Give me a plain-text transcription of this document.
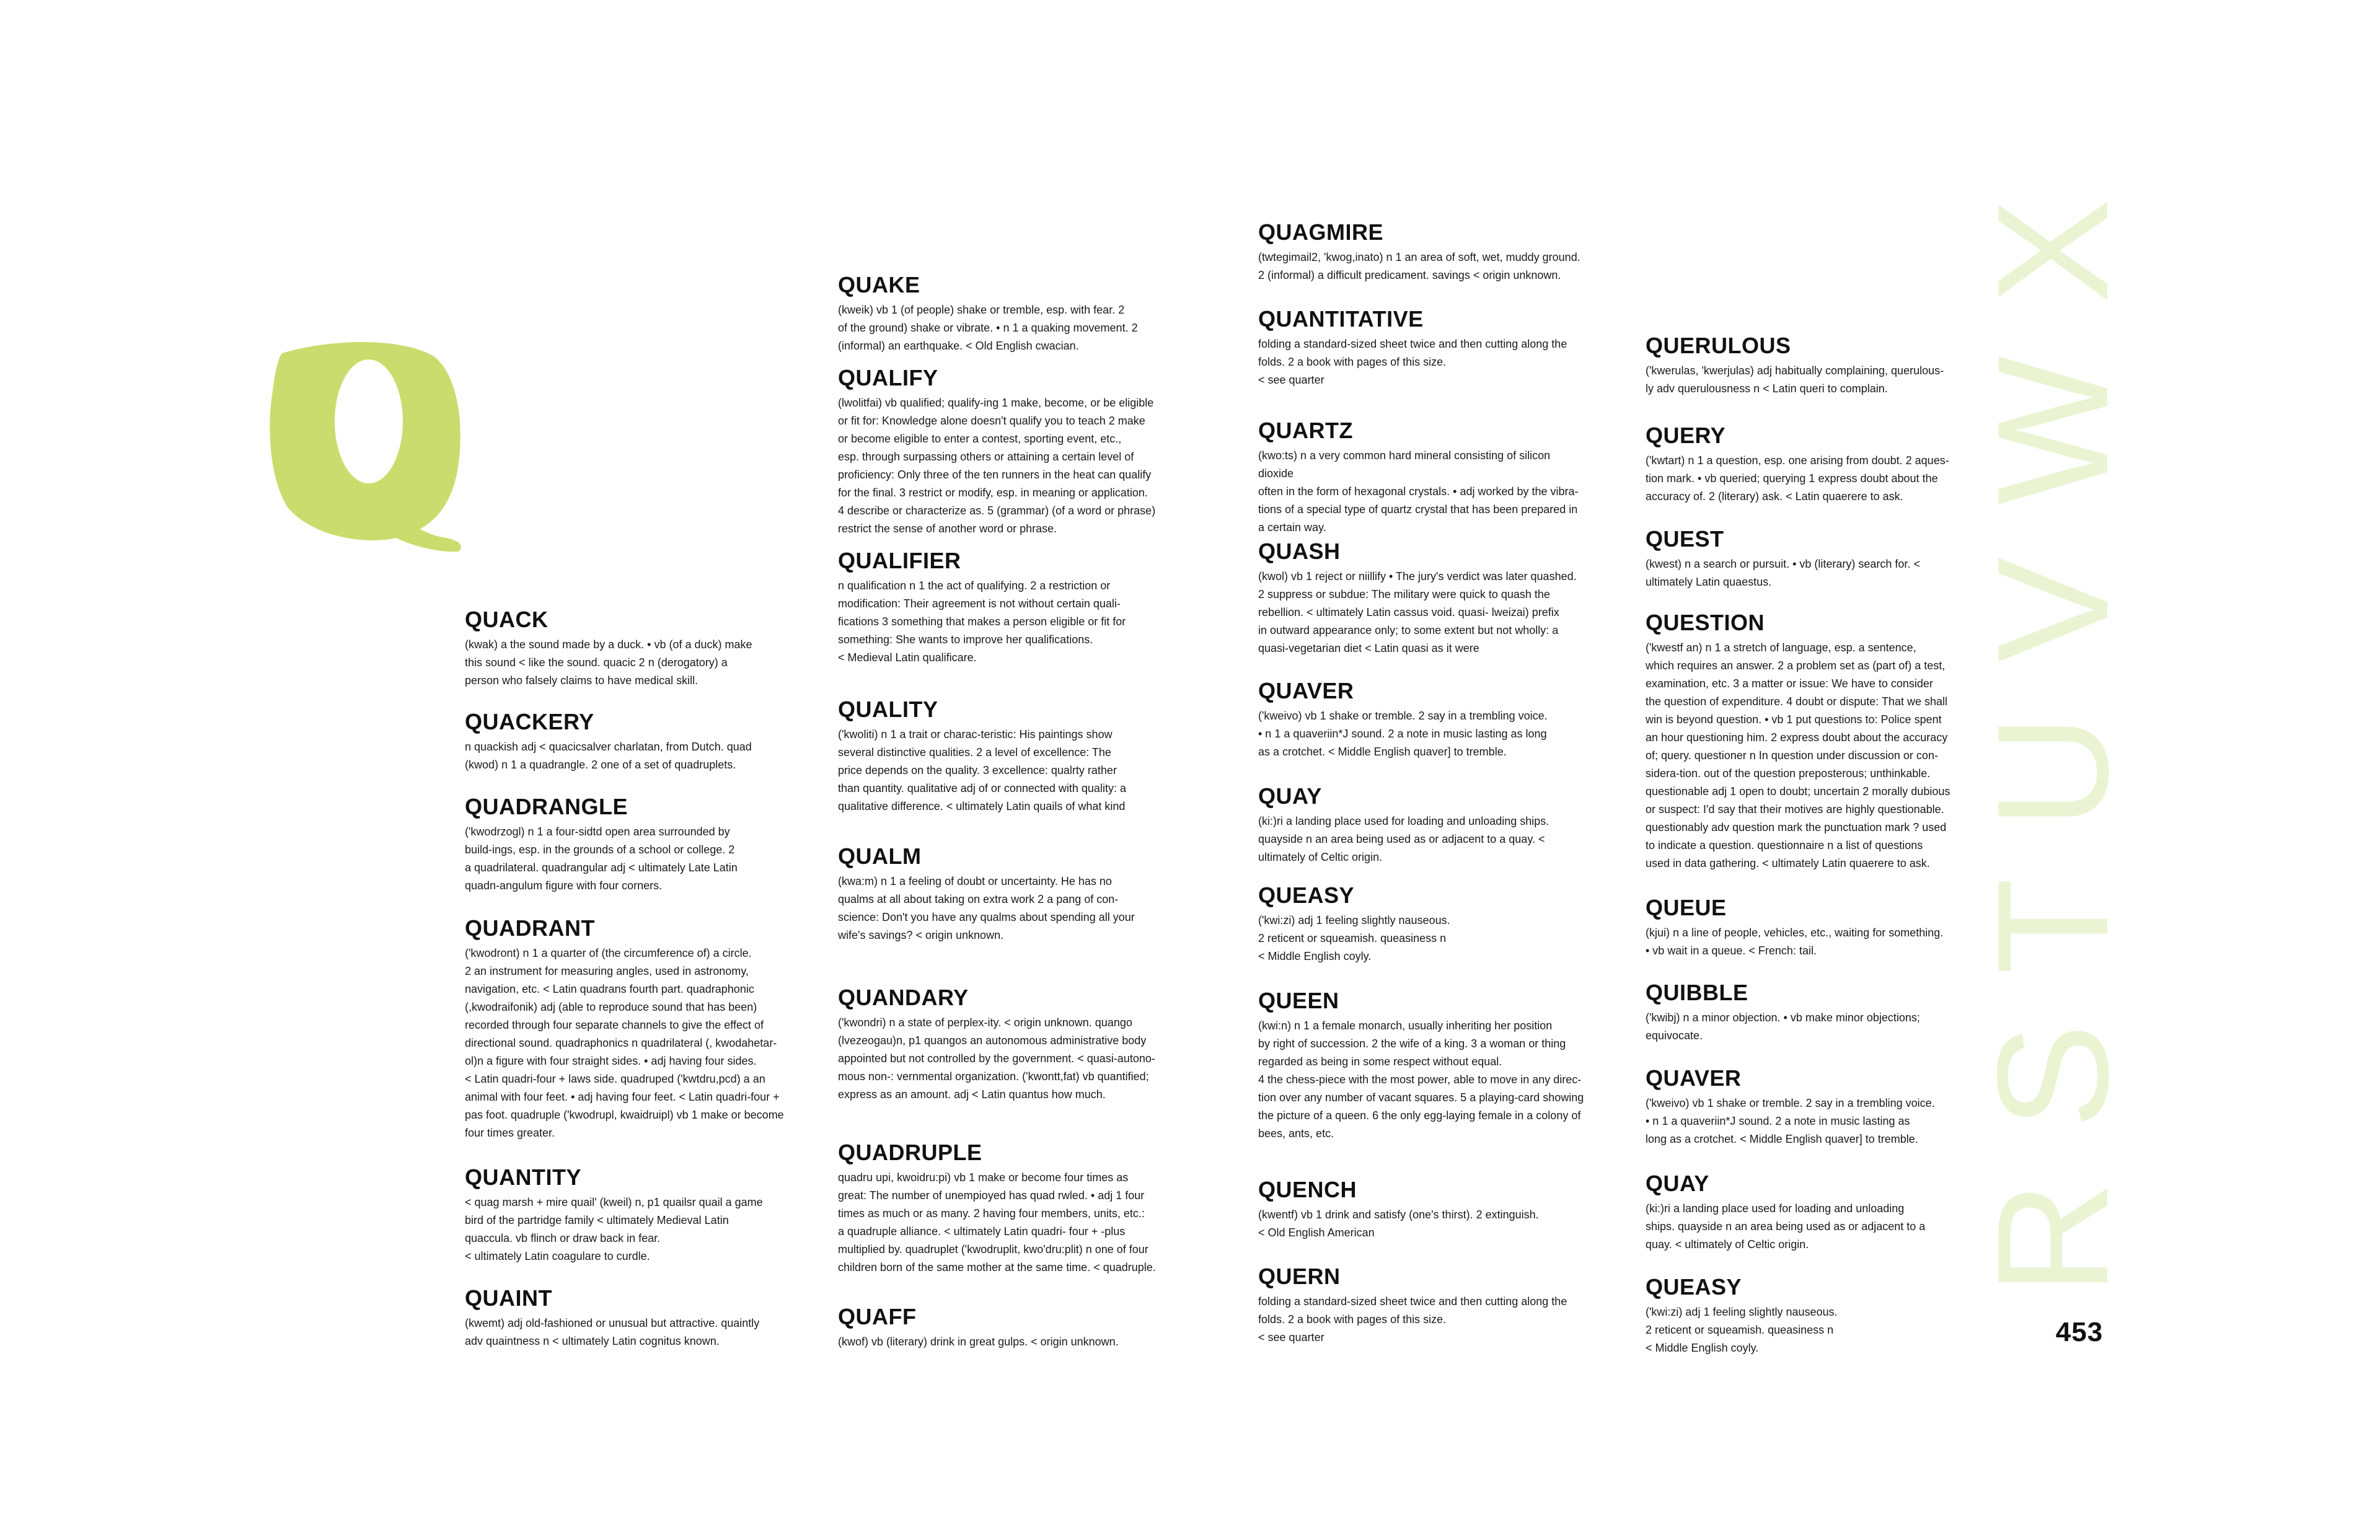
Q
R S T U V W X
453
QUACK
(kwak) a the sound made by a duck. • vb (of a duck) make
this sound < like the sound. quacic 2 n (derogatory) a
person who falsely claims to have medical skill.
QUACKERY
n quackish adj < quacicsalver charlatan, from Dutch. quad
(kwod) n 1 a quadrangle. 2 one of a set of quadruplets.
QUADRANGLE
('kwodrzogl) n 1 a four-sidtd open area surrounded by
build-ings, esp. in the grounds of a school or college. 2
a quadrilateral. quadrangular adj < ultimately Late Latin
quadn-angulum figure with four corners.
QUADRANT
('kwodront) n 1 a quarter of (the circumference of) a circle.
2 an instrument for measuring angles, used in astronomy,
navigation, etc. < Latin quadrans fourth part. quadraphonic
(,kwodraifonik) adj (able to reproduce sound that has been)
recorded through four separate channels to give the effect of
directional sound. quadraphonics n quadrilateral (, kwodahetar-
ol)n a figure with four straight sides. • adj having four sides.
< Latin quadri-four + laws side. quadruped ('kwtdru,pcd) a an
animal with four feet. • adj having four feet. < Latin quadri-four +
pas foot. quadruple ('kwodrupl, kwaidruipl) vb 1 make or become
four times greater.
QUANTITY
< quag marsh + mire quail' (kweil) n, p1 quailsr quail a game
bird of the partridge family < ultimately Medieval Latin
quaccula. vb flinch or draw back in fear.
< ultimately Latin coagulare to curdle.
QUAINT
(kwemt) adj old-fashioned or unusual but attractive. quaintly
adv quaintness n < ultimately Latin cognitus known.
QUAKE
(kweik) vb 1 (of people) shake or tremble, esp. with fear. 2
of the ground) shake or vibrate. • n 1 a quaking movement. 2
(informal) an earthquake. < Old English cwacian.
QUALIFY
(lwolitfai) vb qualified; qualify-ing 1 make, become, or be eligible
or fit for: Knowledge alone doesn't qualify you to teach 2 make
or become eligible to enter a contest, sporting event, etc.,
esp. through surpassing others or attaining a certain level of
proficiency: Only three of the ten runners in the heat can qualify
for the final. 3 restrict or modify, esp. in meaning or application.
4 describe or characterize as. 5 (grammar) (of a word or phrase)
restrict the sense of another word or phrase.
QUALIFIER
n qualification n 1 the act of qualifying. 2 a restriction or
modification: Their agreement is not without certain quali-
fications 3 something that makes a person eligible or fit for
something: She wants to improve her qualifications.
< Medieval Latin qualificare.
QUALITY
('kwoliti) n 1 a trait or charac-teristic: His paintings show
several distinctive qualities. 2 a level of excellence: The
price depends on the quality. 3 excellence: qualrty rather
than quantity. qualitative adj of or connected with quality: a
qualitative difference. < ultimately Latin quails of what kind
QUALM
(kwa:m) n 1 a feeling of doubt or uncertainty. He has no
qualms at all about taking on extra work 2 a pang of con-
science: Don't you have any qualms about spending all your
wife's savings? < origin unknown.
QUANDARY
('kwondri) n a state of perplex-ity. < origin unknown. quango
(lvezeogau)n, p1 quangos an autonomous administrative body
appointed but not controlled by the government. < quasi-autono-
mous non-: vernmental organization. ('kwontt,fat) vb quantified;
express as an amount. adj < Latin quantus how much.
QUADRUPLE
quadru upi, kwoidru:pi) vb 1 make or become four times as
great: The number of unempioyed has quad rwled. • adj 1 four
times as much or as many. 2 having four members, units, etc.:
a quadruple alliance. < ultimately Latin quadri- four + -plus
multiplied by. quadruplet ('kwodruplit, kwo'dru:plit) n one of four
children born of the same mother at the same time. < quadruple.
QUAFF
(kwof) vb (literary) drink in great gulps. < origin unknown.
QUAGMIRE
(twtegimail2, 'kwog,inato) n 1 an area of soft, wet, muddy ground.
2 (informal) a difficult predicament. savings < origin unknown.
QUANTITATIVE
folding a standard-sized sheet twice and then cutting along the
folds. 2 a book with pages of this size.
< see quarter
QUARTZ
(kwo:ts) n a very common hard mineral consisting of silicon dioxide
often in the form of hexagonal crystals. • adj worked by the vibra-
tions of a special type of quartz crystal that has been prepared in
a certain way.
QUASH
(kwol) vb 1 reject or niillify • The jury's verdict was later quashed.
2 suppress or subdue: The military were quick to quash the
rebellion. < ultimately Latin cassus void. quasi- lweizai) prefix
in outward appearance only; to some extent but not wholly: a
quasi-vegetarian diet < Latin quasi as it were
QUAVER
('kweivo) vb 1 shake or tremble. 2 say in a trembling voice.
• n 1 a quaveriin*J sound. 2 a note in music lasting as long
as a crotchet. < Middle English quaver] to tremble.
QUAY
(ki:)ri a landing place used for loading and unloading ships.
quayside n an area being used as or adjacent to a quay. <
ultimately of Celtic origin.
QUEASY
('kwi:zi) adj 1 feeling slightly nauseous.
2 reticent or squeamish. queasiness n
< Middle English coyly.
QUEEN
(kwi:n) n 1 a female monarch, usually inheriting her position
by right of succession. 2 the wife of a king. 3 a woman or thing
regarded as being in some respect without equal.
4 the chess-piece with the most power, able to move in any direc-
tion over any number of vacant squares. 5 a playing-card showing
the picture of a queen. 6 the only egg-laying female in a colony of
bees, ants, etc.
QUENCH
(kwentf) vb 1 drink and satisfy (one's thirst). 2 extinguish.
< Old English American
QUERN
folding a standard-sized sheet twice and then cutting along the
folds. 2 a book with pages of this size.
< see quarter
QUERULOUS
('kwerulas, 'kwerjulas) adj habitually complaining, querulous-
ly adv querulousness n < Latin queri to complain.
QUERY
('kwtart) n 1 a question, esp. one arising from doubt. 2 aques-
tion mark. • vb queried; querying 1 express doubt about the
accuracy of. 2 (literary) ask. < Latin quaerere to ask.
QUEST
(kwest) n a search or pursuit. • vb (literary) search for. <
ultimately Latin quaestus.
QUESTION
('kwestf an) n 1 a stretch of language, esp. a sentence,
which requires an answer. 2 a problem set as (part of) a test,
examination, etc. 3 a matter or issue: We have to consider
the question of expenditure. 4 doubt or dispute: That we shall
win is beyond question. • vb 1 put questions to: Police spent
an hour questioning him. 2 express doubt about the accuracy
of; query. questioner n In question under discussion or con-
sidera-tion. out of the question preposterous; unthinkable.
questionable adj 1 open to doubt; uncertain 2 morally dubious
or suspect: I'd say that their motives are highly questionable.
questionably adv question mark the punctuation mark ? used
to indicate a question. questionnaire n a list of questions
used in data gathering. < ultimately Latin quaerere to ask.
QUEUE
(kjui) n a line of people, vehicles, etc., waiting for something.
• vb wait in a queue. < French: tail.
QUIBBLE
('kwibj) n a minor objection. • vb make minor objections;
equivocate.
QUAVER
('kweivo) vb 1 shake or tremble. 2 say in a trembling voice.
• n 1 a quaveriin*J sound. 2 a note in music lasting as
long as a crotchet. < Middle English quaver] to tremble.
QUAY
(ki:)ri a landing place used for loading and unloading
ships. quayside n an area being used as or adjacent to a
quay. < ultimately of Celtic origin.
QUEASY
('kwi:zi) adj 1 feeling slightly nauseous.
2 reticent or squeamish. queasiness n
< Middle English coyly.
